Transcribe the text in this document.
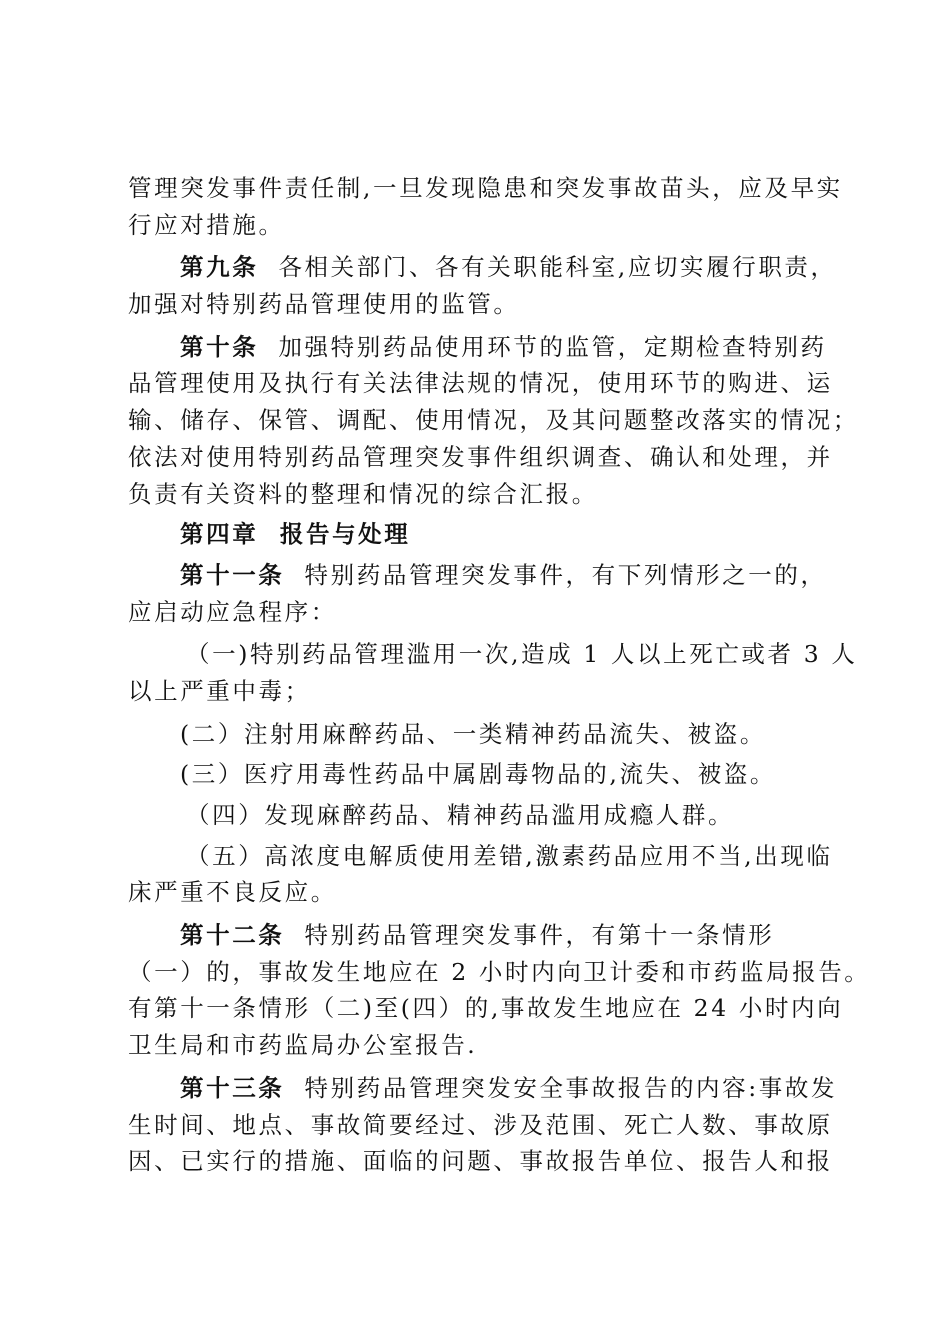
管理突发事件责任制,一旦发现隐患和突发事故苗头，应及早实
行应对措施。
第九条  各相关部门、各有关职能科室,应切实履行职责，
加强对特别药品管理使用的监管。
第十条  加强特别药品使用环节的监管，定期检查特别药
品管理使用及执行有关法律法规的情况，使用环节的购进、运
输、储存、保管、调配、使用情况，及其问题整改落实的情况；
依法对使用特别药品管理突发事件组织调查、确认和处理，并
负责有关资料的整理和情况的综合汇报。
第四章  报告与处理
第十一条  特别药品管理突发事件，有下列情形之一的，
应启动应急程序：
（一)特别药品管理滥用一次,造成 1 人以上死亡或者 3 人
以上严重中毒；
(二）注射用麻醉药品、一类精神药品流失、被盗。
(三）医疗用毒性药品中属剧毒物品的,流失、被盗。
（四）发现麻醉药品、精神药品滥用成瘾人群。
（五）高浓度电解质使用差错,激素药品应用不当,出现临
床严重不良反应。
第十二条  特别药品管理突发事件，有第十一条情形
（一）的，事故发生地应在 2 小时内向卫计委和市药监局报告。
有第十一条情形（二)至(四）的,事故发生地应在 24 小时内向
卫生局和市药监局办公室报告.
第十三条  特别药品管理突发安全事故报告的内容:事故发
生时间、地点、事故简要经过、涉及范围、死亡人数、事故原
因、已实行的措施、面临的问题、事故报告单位、报告人和报
